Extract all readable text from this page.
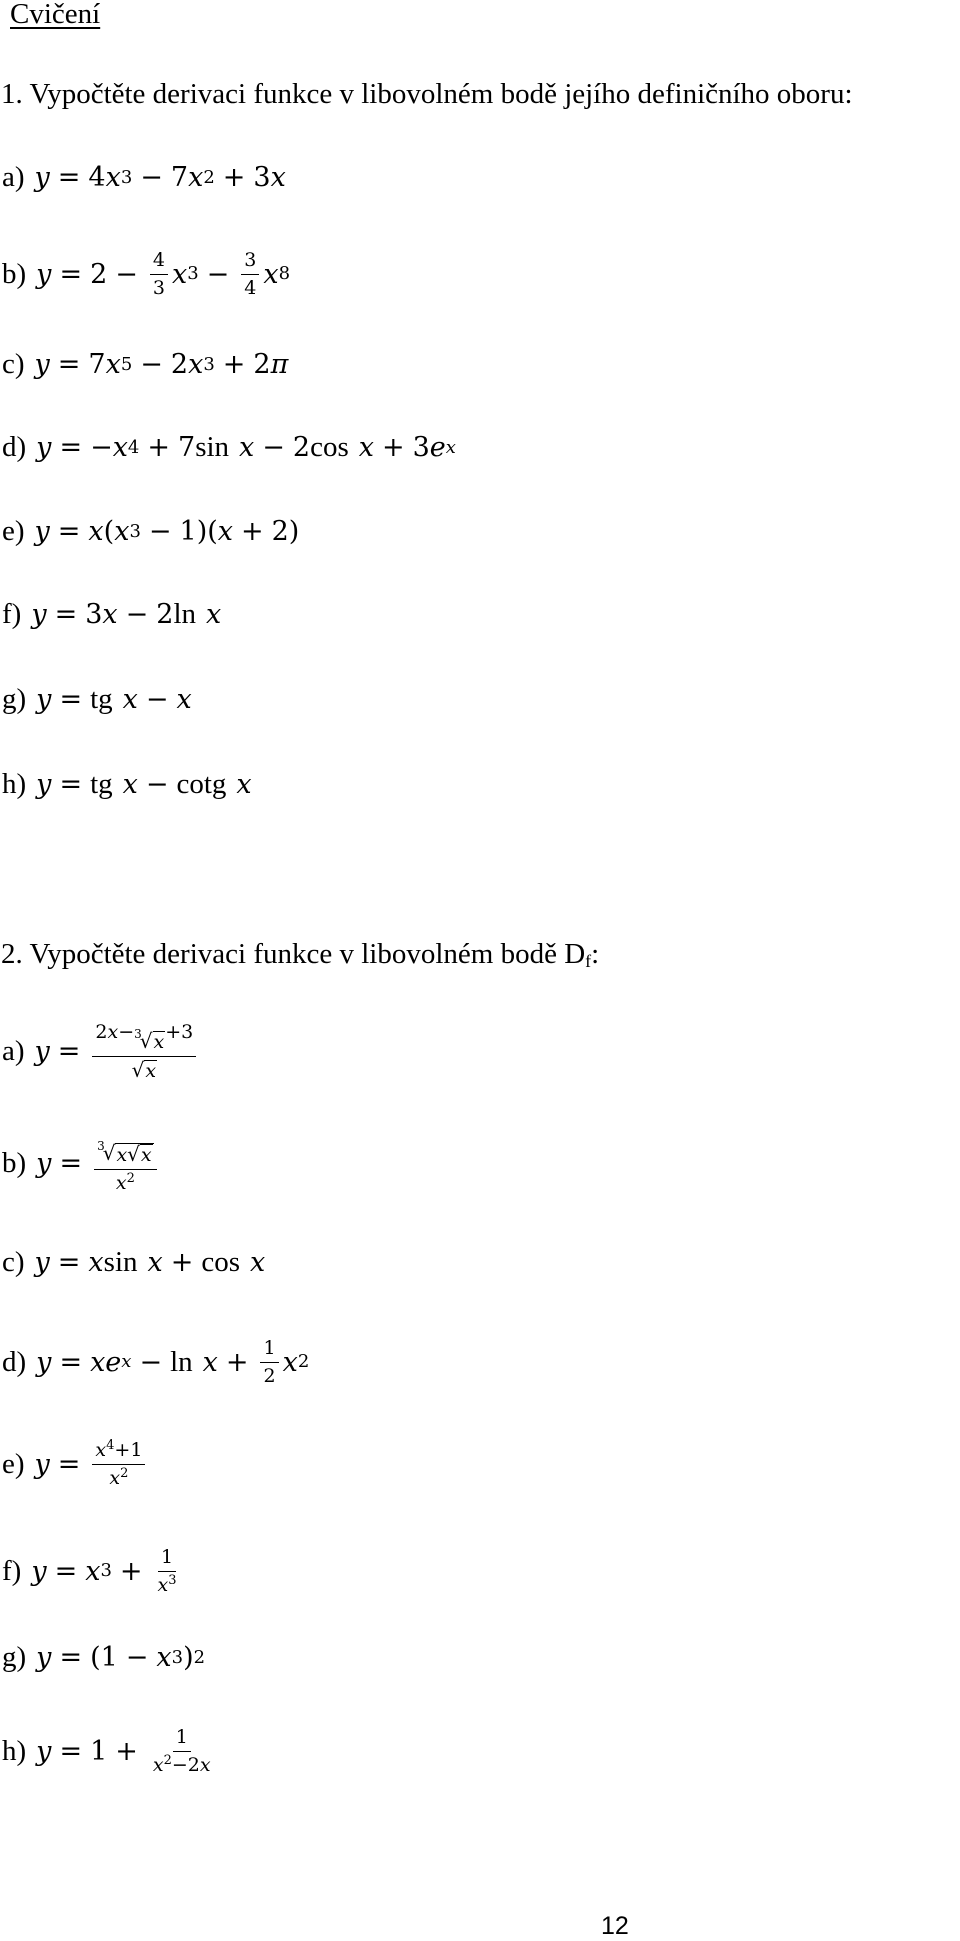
Cvičení
1. Vypočtěte derivaci funkce v libovolném bodě jejího definičního oboru:
a) y = 4 x 3 − 7 x 2 + 3 x
b) $y = 2 - \frac{4}{3}$ x $3 - \frac{3}{4}$ x 8
c) y = 7 x 5 − 2 x 3 + 2 π
d) y = − x 4 + 7 sin x − 2 cos x + 3 e x
e) y = x ( x 3 − 1)( x + 2)
f) y = 3 x − 2 ln x
g) y = tg x − x
h) y = tg x − cotg x
2. Vypočtěte derivaci funkce v libovolném bodě $D_f$:
a) y = 2x− 3
√ x +3
√ x
b) y = 3
√ x √ x
$x^2$
c) y = x sin x + cos x
d) y = x e $x - \ln x + \frac{1}{2}$ x 2
e) $y = \frac{x^4+1}{x^2}$
f) y = x $3 + \frac{1}{x^3}$
g) y = (1 − x 3 ) 2
h) $y = 1 + \frac{1}{x^2-2x}$
12
